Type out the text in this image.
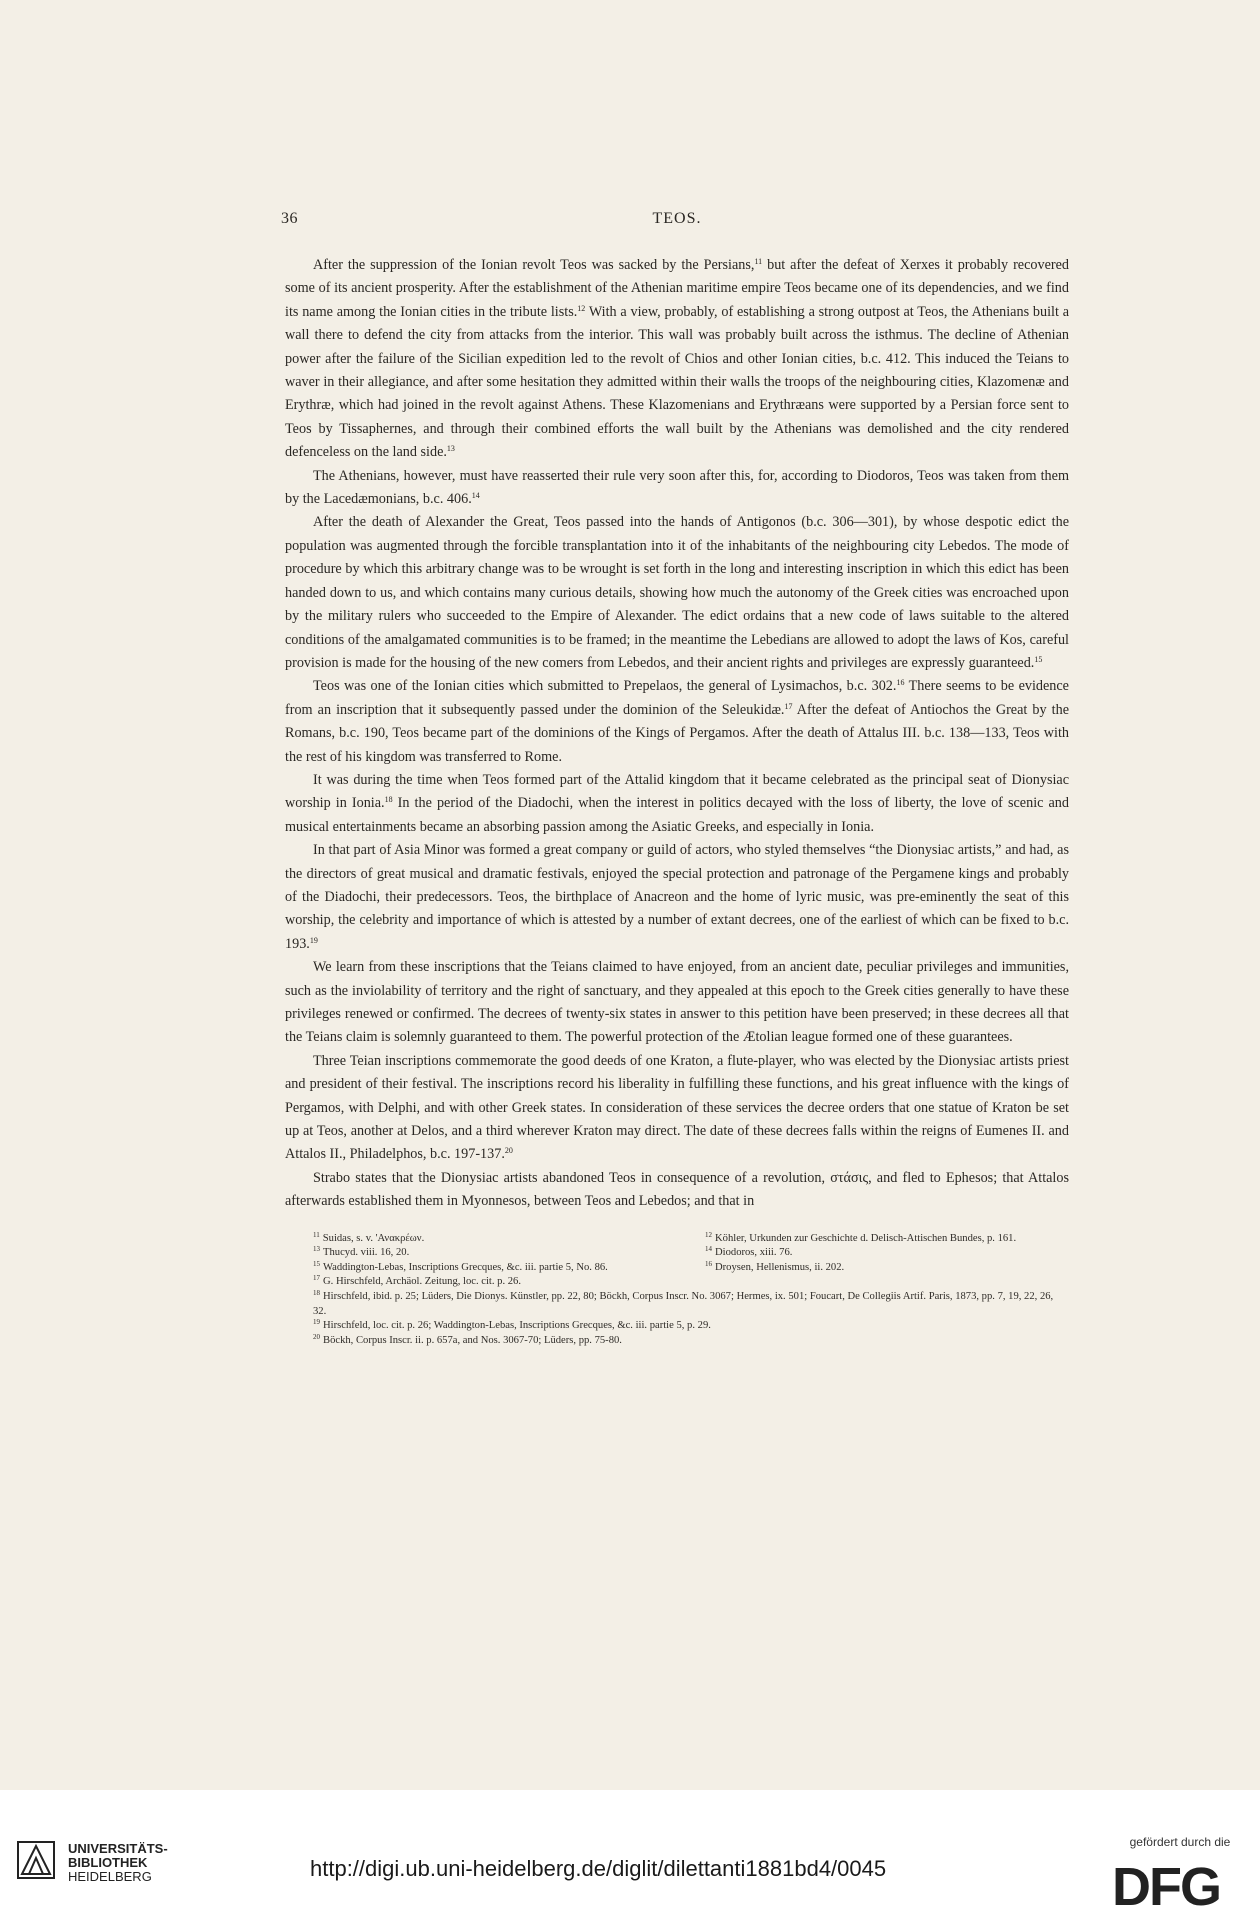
36	TEOS.

After the suppression of the Ionian revolt Teos was sacked by the Persians,$^{11}$ but after the defeat of Xerxes it probably recovered some of its ancient prosperity. After the establishment of the Athenian maritime empire Teos became one of its dependencies, and we find its name among the Ionian cities in the tribute lists.$^{12}$ With a view, probably, of establishing a strong outpost at Teos, the Athenians built a wall there to defend the city from attacks from the interior. This wall was probably built across the isthmus. The decline of Athenian power after the failure of the Sicilian expedition led to the revolt of Chios and other Ionian cities, b.c. 412. This induced the Teians to waver in their allegiance, and after some hesitation they admitted within their walls the troops of the neighbouring cities, Klazomenæ and Erythræ, which had joined in the revolt against Athens. These Klazomenians and Erythræans were supported by a Persian force sent to Teos by Tissaphernes, and through their combined efforts the wall built by the Athenians was demolished and the city rendered defenceless on the land side.$^{13}$

The Athenians, however, must have reasserted their rule very soon after this, for, according to Diodoros, Teos was taken from them by the Lacedæmonians, b.c. 406.14

After the death of Alexander the Great, Teos passed into the hands of Antigonos (b.c. 306—301), by whose despotic edict the population was augmented through the forcible transplantation into it of the inhabitants of the neighbouring city Lebedos. The mode of procedure by which this arbitrary change was to be wrought is set forth in the long and interesting inscription in which this edict has been handed down to us, and which contains many curious details, showing how much the autonomy of the Greek cities was encroached upon by the military rulers who succeeded to the Empire of Alexander. The edict ordains that a new code of laws suitable to the altered conditions of the amalgamated communities is to be framed; in the meantime the Lebedians are allowed to adopt the laws of Kos, careful provision is made for the housing of the new comers from Lebedos, and their ancient rights and privileges are expressly guaranteed.$^{15}$

Teos was one of the Ionian cities which submitted to Prepelaos, the general of Lysimachos, b.c. 302.16 There seems to be evidence from an inscription that it subsequently passed under the dominion of the Seleukidæ.$^{17}$ After the defeat of Antiochos the Great by the Romans, b.c. 190, Teos became part of the dominions of the Kings of Pergamos. After the death of Attalus III. b.c. 138—133, Teos with the rest of his kingdom was transferred to Rome.

It was during the time when Teos formed part of the Attalid kingdom that it became celebrated as the principal seat of Dionysiac worship in Ionia.$^{18}$ In the period of the Diadochi, when the interest in politics decayed with the loss of liberty, the love of scenic and musical entertainments became an absorbing passion among the Asiatic Greeks, and especially in Ionia.

In that part of Asia Minor was formed a great company or guild of actors, who styled themselves “the Dionysiac artists,” and had, as the directors of great musical and dramatic festivals, enjoyed the special protection and patronage of the Pergamene kings and probably of the Diadochi, their predecessors. Teos, the birthplace of Anacreon and the home of lyric music, was pre-eminently the seat of this worship, the celebrity and importance of which is attested by a number of extant decrees, one of the earliest of which can be fixed to b.c. 193.19

We learn from these inscriptions that the Teians claimed to have enjoyed, from an ancient date, peculiar privileges and immunities, such as the inviolability of territory and the right of sanctuary, and they appealed at this epoch to the Greek cities generally to have these privileges renewed or confirmed. The decrees of twenty-six states in answer to this petition have been preserved; in these decrees all that the Teians claim is solemnly guaranteed to them. The powerful protection of the Ætolian league formed one of these guarantees.

Three Teian inscriptions commemorate the good deeds of one Kraton, a flute-player, who was elected by the Dionysiac artists priest and president of their festival. The inscriptions record his liberality in fulfilling these functions, and his great influence with the kings of Pergamos, with Delphi, and with other Greek states. In consideration of these services the decree orders that one statue of Kraton be set up at Teos, another at Delos, and a third wherever Kraton may direct. The date of these decrees falls within the reigns of Eumenes II. and Attalos II., Philadelphos, b.c. 197-137.20

Strabo states that the Dionysiac artists abandoned Teos in consequence of a revolution, στάσις, and fled to Ephesos; that Attalos afterwards established them in Myonnesos, between Teos and Lebedos; and that in

$^{11}$ Suidas, s. v. 'Ανακρέων.	$^{12}$ Köhler, Urkunden zur Geschichte d. Delisch-Attischen Bundes, p. 161.
$^{13}$ Thucyd. viii. 16, 20.	$^{14}$ Diodoros, xiii. 76.
$^{15}$ Waddington-Lebas, Inscriptions Grecques, &c. iii. partie 5, No. 86.	$^{16}$ Droysen, Hellenismus, ii. 202.
$^{17}$ G. Hirschfeld, Archäol. Zeitung, loc. cit. p. 26.
$^{18}$ Hirschfeld, ibid. p. 25; Lüders, Die Dionys. Künstler, pp. 22, 80; Böckh, Corpus Inscr. No. 3067; Hermes, ix. 501; Foucart, De Collegiis Artif. Paris, 1873, pp. 7, 19, 22, 26, 32.
$^{19}$ Hirschfeld, loc. cit. p. 26; Waddington-Lebas, Inscriptions Grecques, &c. iii. partie 5, p. 29.
$^{20}$ Böckh, Corpus Inscr. ii. p. 657a, and Nos. 3067-70; Lüders, pp. 75-80.
UNIVERSITÄTS-
BIBLIOTHEK
HEIDELBERG	http://digi.ub.uni-heidelberg.de/diglit/dilettanti1881bd4/0045
gefördert durch die
DFG
